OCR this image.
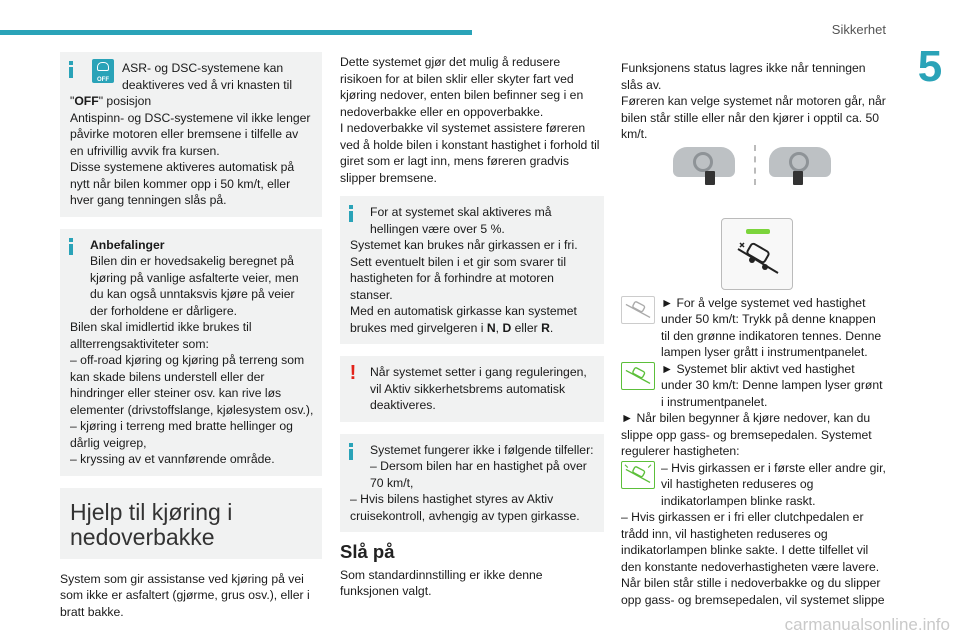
Sikkerhet
5
OFF

ASR- og DSC-systemene kan

deaktiveres ved å vri knasten til

"OFF" posisjon

Antispinn- og DSC-systemene vil ikke lenger påvirke motoren eller bremsene i tilfelle av en ufrivillig avvik fra kursen.

Disse systemene aktiveres automatisk på nytt når bilen kommer opp i 50 km/t, eller hver gang tenningen slås på.

Anbefalinger

Bilen din er hovedsakelig beregnet på kjøring på vanlige asfalterte veier, men du kan også unntaksvis kjøre på veier der forholdene er dårligere.

Bilen skal imidlertid ikke brukes til allterrengsaktiviteter som:

– off-road kjøring og kjøring på terreng som kan skade bilens understell eller der hindringer eller steiner osv. kan rive løs elementer (drivstoffslange, kjølesystem osv.),

– kjøring i terreng med bratte hellinger og dårlig veigrep,

– kryssing av et vannførende område.

Hjelp til kjøring i nedoverbakke

System som gir assistanse ved kjøring på vei som ikke er asfaltert (gjørme, grus osv.), eller i bratt bakke.

Dette systemet gjør det mulig å redusere risikoen for at bilen sklir eller skyter fart ved kjøring nedover, enten bilen befinner seg i en nedoverbakke eller en oppoverbakke.

I nedoverbakke vil systemet assistere føreren ved å holde bilen i konstant hastighet i forhold til giret som er lagt inn, mens føreren gradvis slipper bremsene.

For at systemet skal aktiveres må hellingen være over 5 %.

Systemet kan brukes når girkassen er i fri. Sett eventuelt bilen i et gir som svarer til hastigheten for å forhindre at motoren stanser.

Med en automatisk girkasse kan systemet brukes med girvelgeren i N, D eller R.

!	Når systemet setter i gang reguleringen, vil Aktiv sikkerhetsbrems automatisk deaktiveres.

Systemet fungerer ikke i følgende tilfeller:

– Dersom bilen har en hastighet på over 70 km/t,

– Hvis bilens hastighet styres av Aktiv cruisekontroll, avhengig av typen girkasse.

Slå på

Som standardinnstilling er ikke denne funksjonen valgt.

Funksjonens status lagres ikke når tenningen slås av.

Føreren kan velge systemet når motoren går, når bilen står stille eller når den kjører i opptil ca. 50 km/t.

► For å velge systemet ved hastighet under 50 km/t: Trykk på denne knappen til den grønne indikatoren tennes. Denne lampen lyser grått i instrumentpanelet.

► Systemet blir aktivt ved hastighet under 30 km/t: Denne lampen lyser grønt i instrumentpanelet.

► Når bilen begynner å kjøre nedover, kan du slippe opp gass- og bremsepedalen. Systemet regulerer hastigheten:

– Hvis girkassen er i første eller andre gir, vil hastigheten reduseres og indikatorlampen blinke raskt.

– Hvis girkassen er i fri eller clutchpedalen er trådd inn, vil hastigheten reduseres og indikatorlampen blinke sakte. I dette tilfellet vil den konstante nedoverhastigheten være lavere.

Når bilen står stille i nedoverbakke og du slipper opp gass- og bremsepedalen, vil systemet slippe

carmanualsonline.info
